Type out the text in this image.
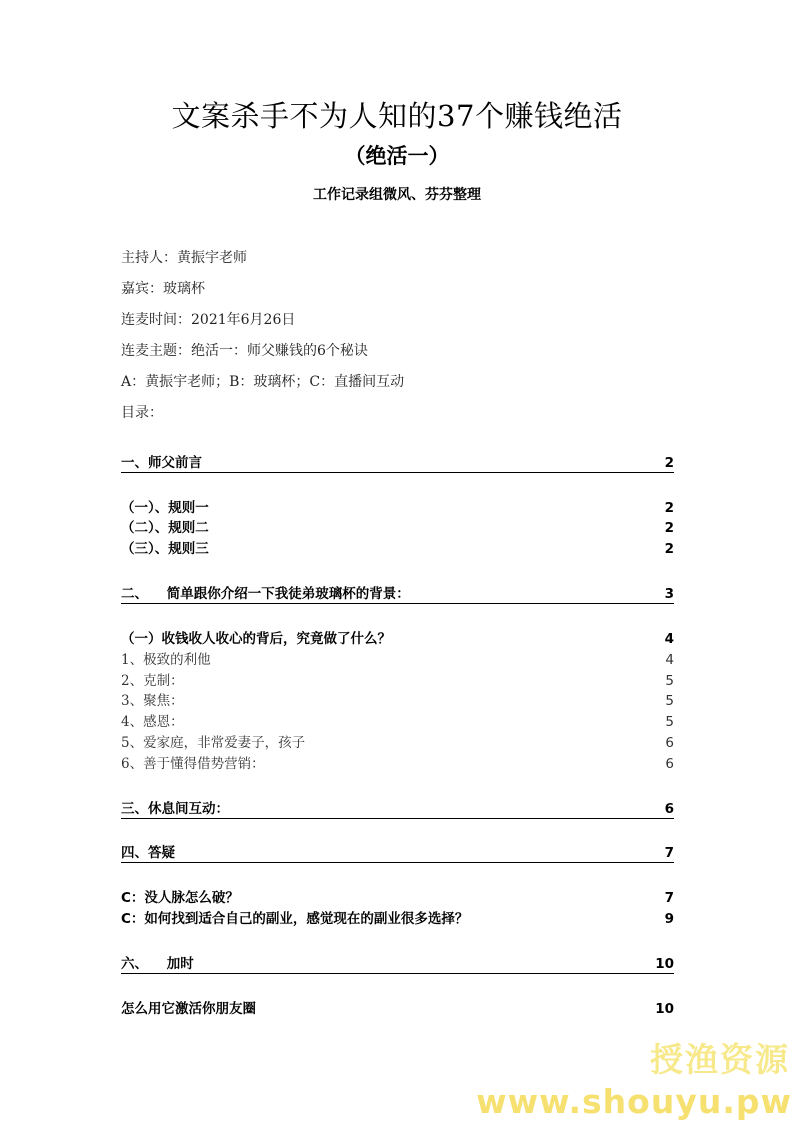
文案杀手不为人知的37个赚钱绝活
（绝活一）
工作记录组微风、芬芬整理
主持人：黄振宇老师
嘉宾：玻璃杯
连麦时间：2021年6月26日
连麦主题：绝活一：师父赚钱的6个秘诀
A：黄振宇老师；B：玻璃杯；C：直播间互动
目录：
一、师父前言	2
（一）、规则一	2
（二）、规则二	2
（三）、规则三	2
二、    简单跟你介绍一下我徒弟玻璃杯的背景：	3
（一）收钱收人收心的背后，究竟做了什么？	4
1、极致的利他	4
2、克制：	5
3、聚焦：	5
4、感恩：	5
5、爱家庭，非常爱妻子，孩子	6
6、善于懂得借势营销：	6
三、休息间互动：	6
四、答疑	7
C：没人脉怎么破？	7
C：如何找到适合自己的副业，感觉现在的副业很多选择？	9
六、    加时	10
怎么用它激活你朋友圈	10
授渔资源
www.shouyu.pw
